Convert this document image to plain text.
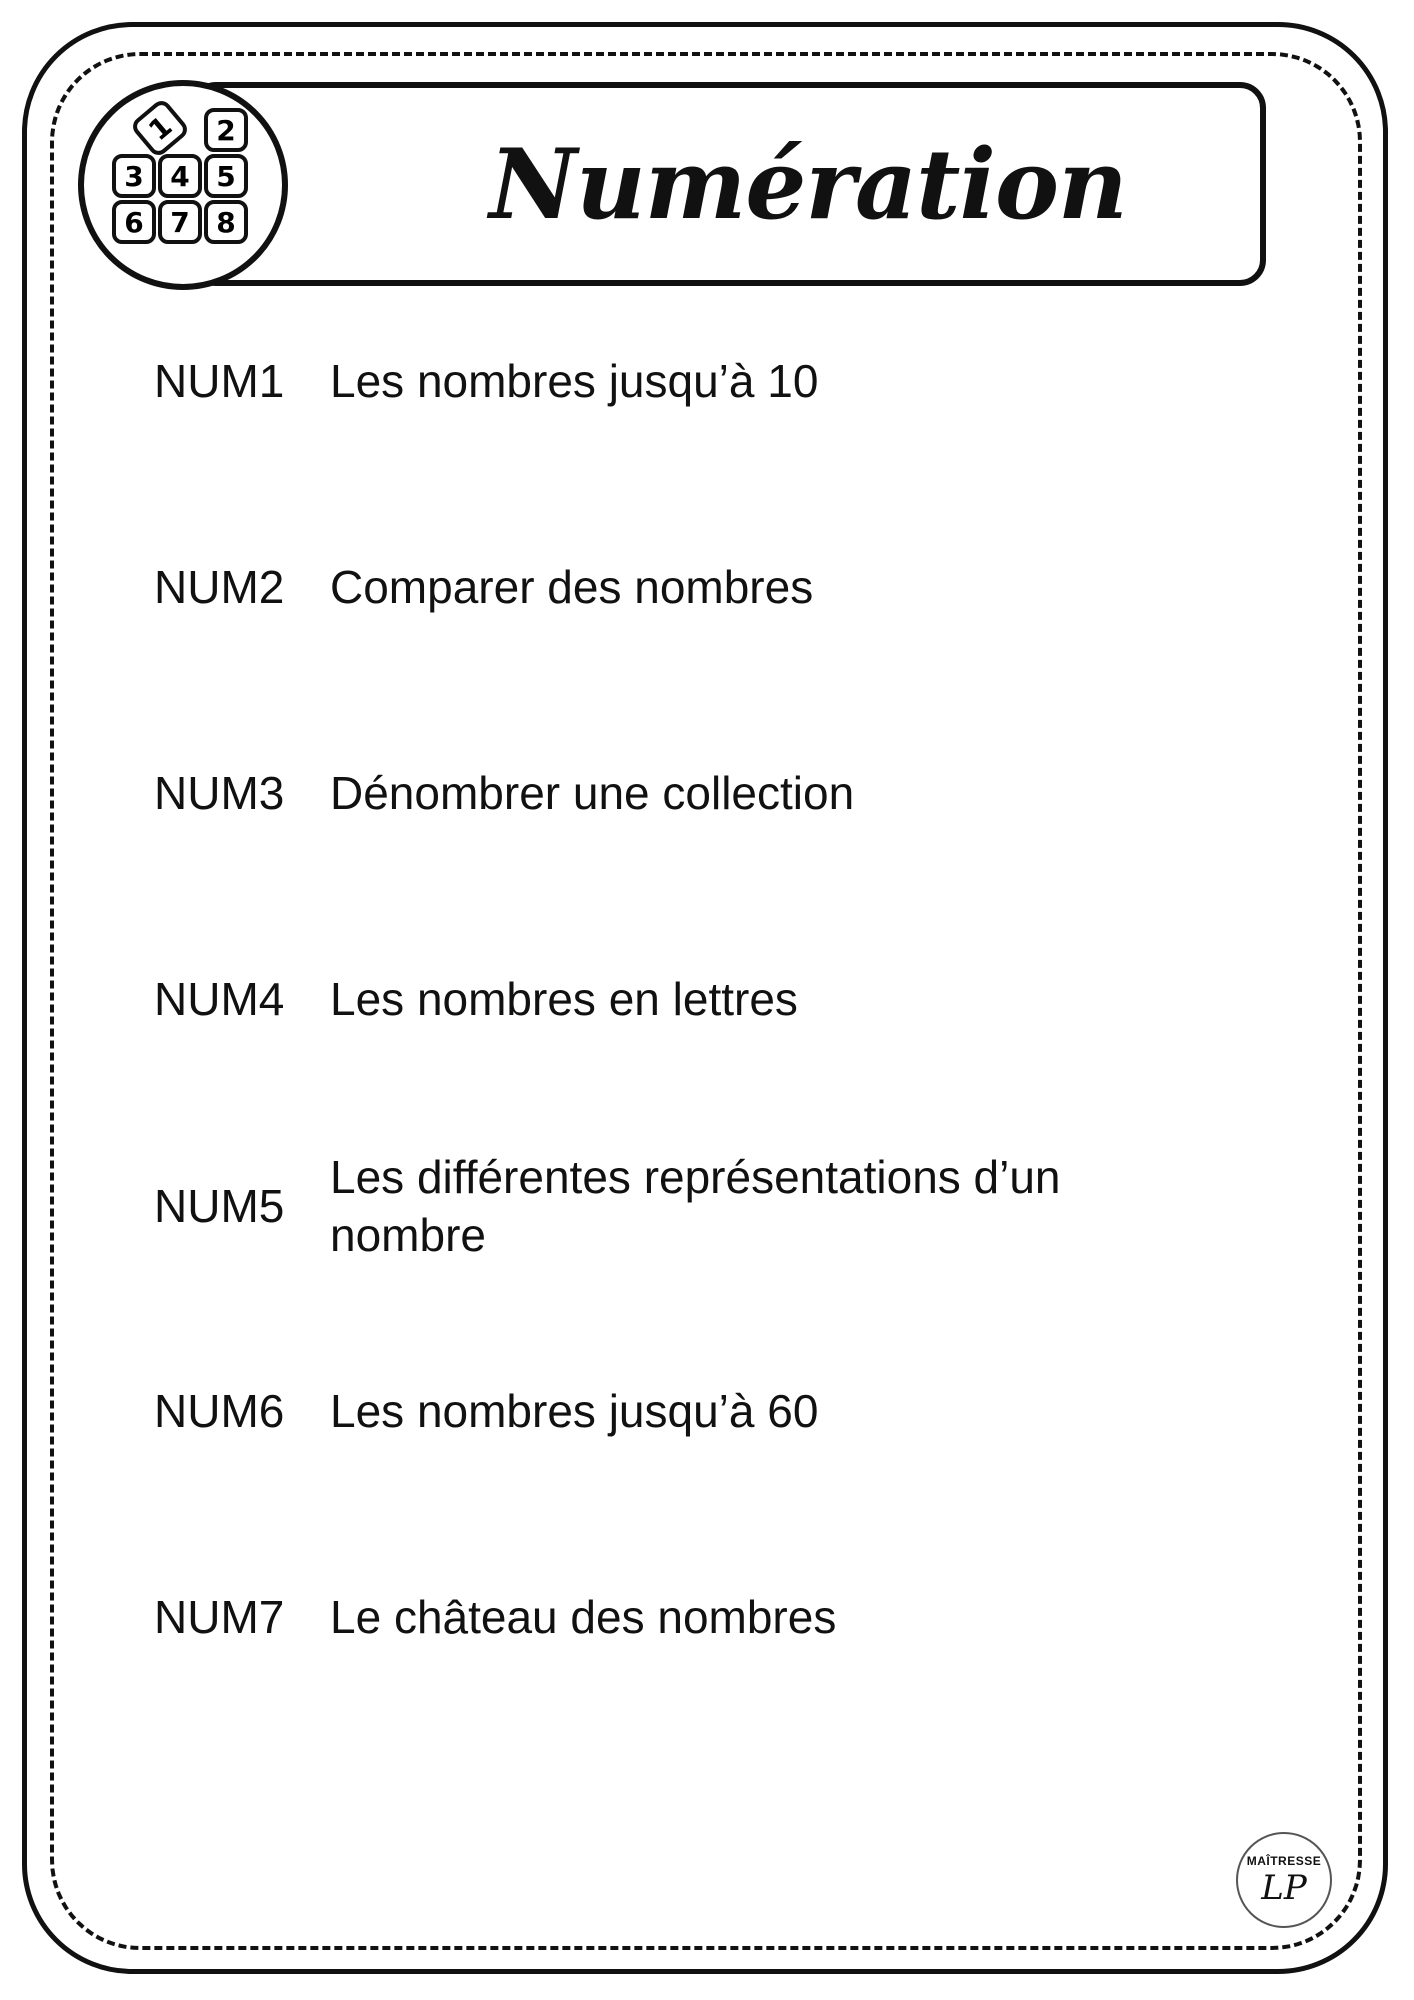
Numération
1 2
3 4 5
6 7 8
NUM1 Les nombres jusqu’à 10
NUM2 Comparer des nombres
NUM3 Dénombrer une collection
NUM4 Les nombres en lettres
NUM5
Les différentes représentations d’un nombre
NUM6 Les nombres jusqu’à 60
NUM7 Le château des nombres
MAÎTRESSE
LP
